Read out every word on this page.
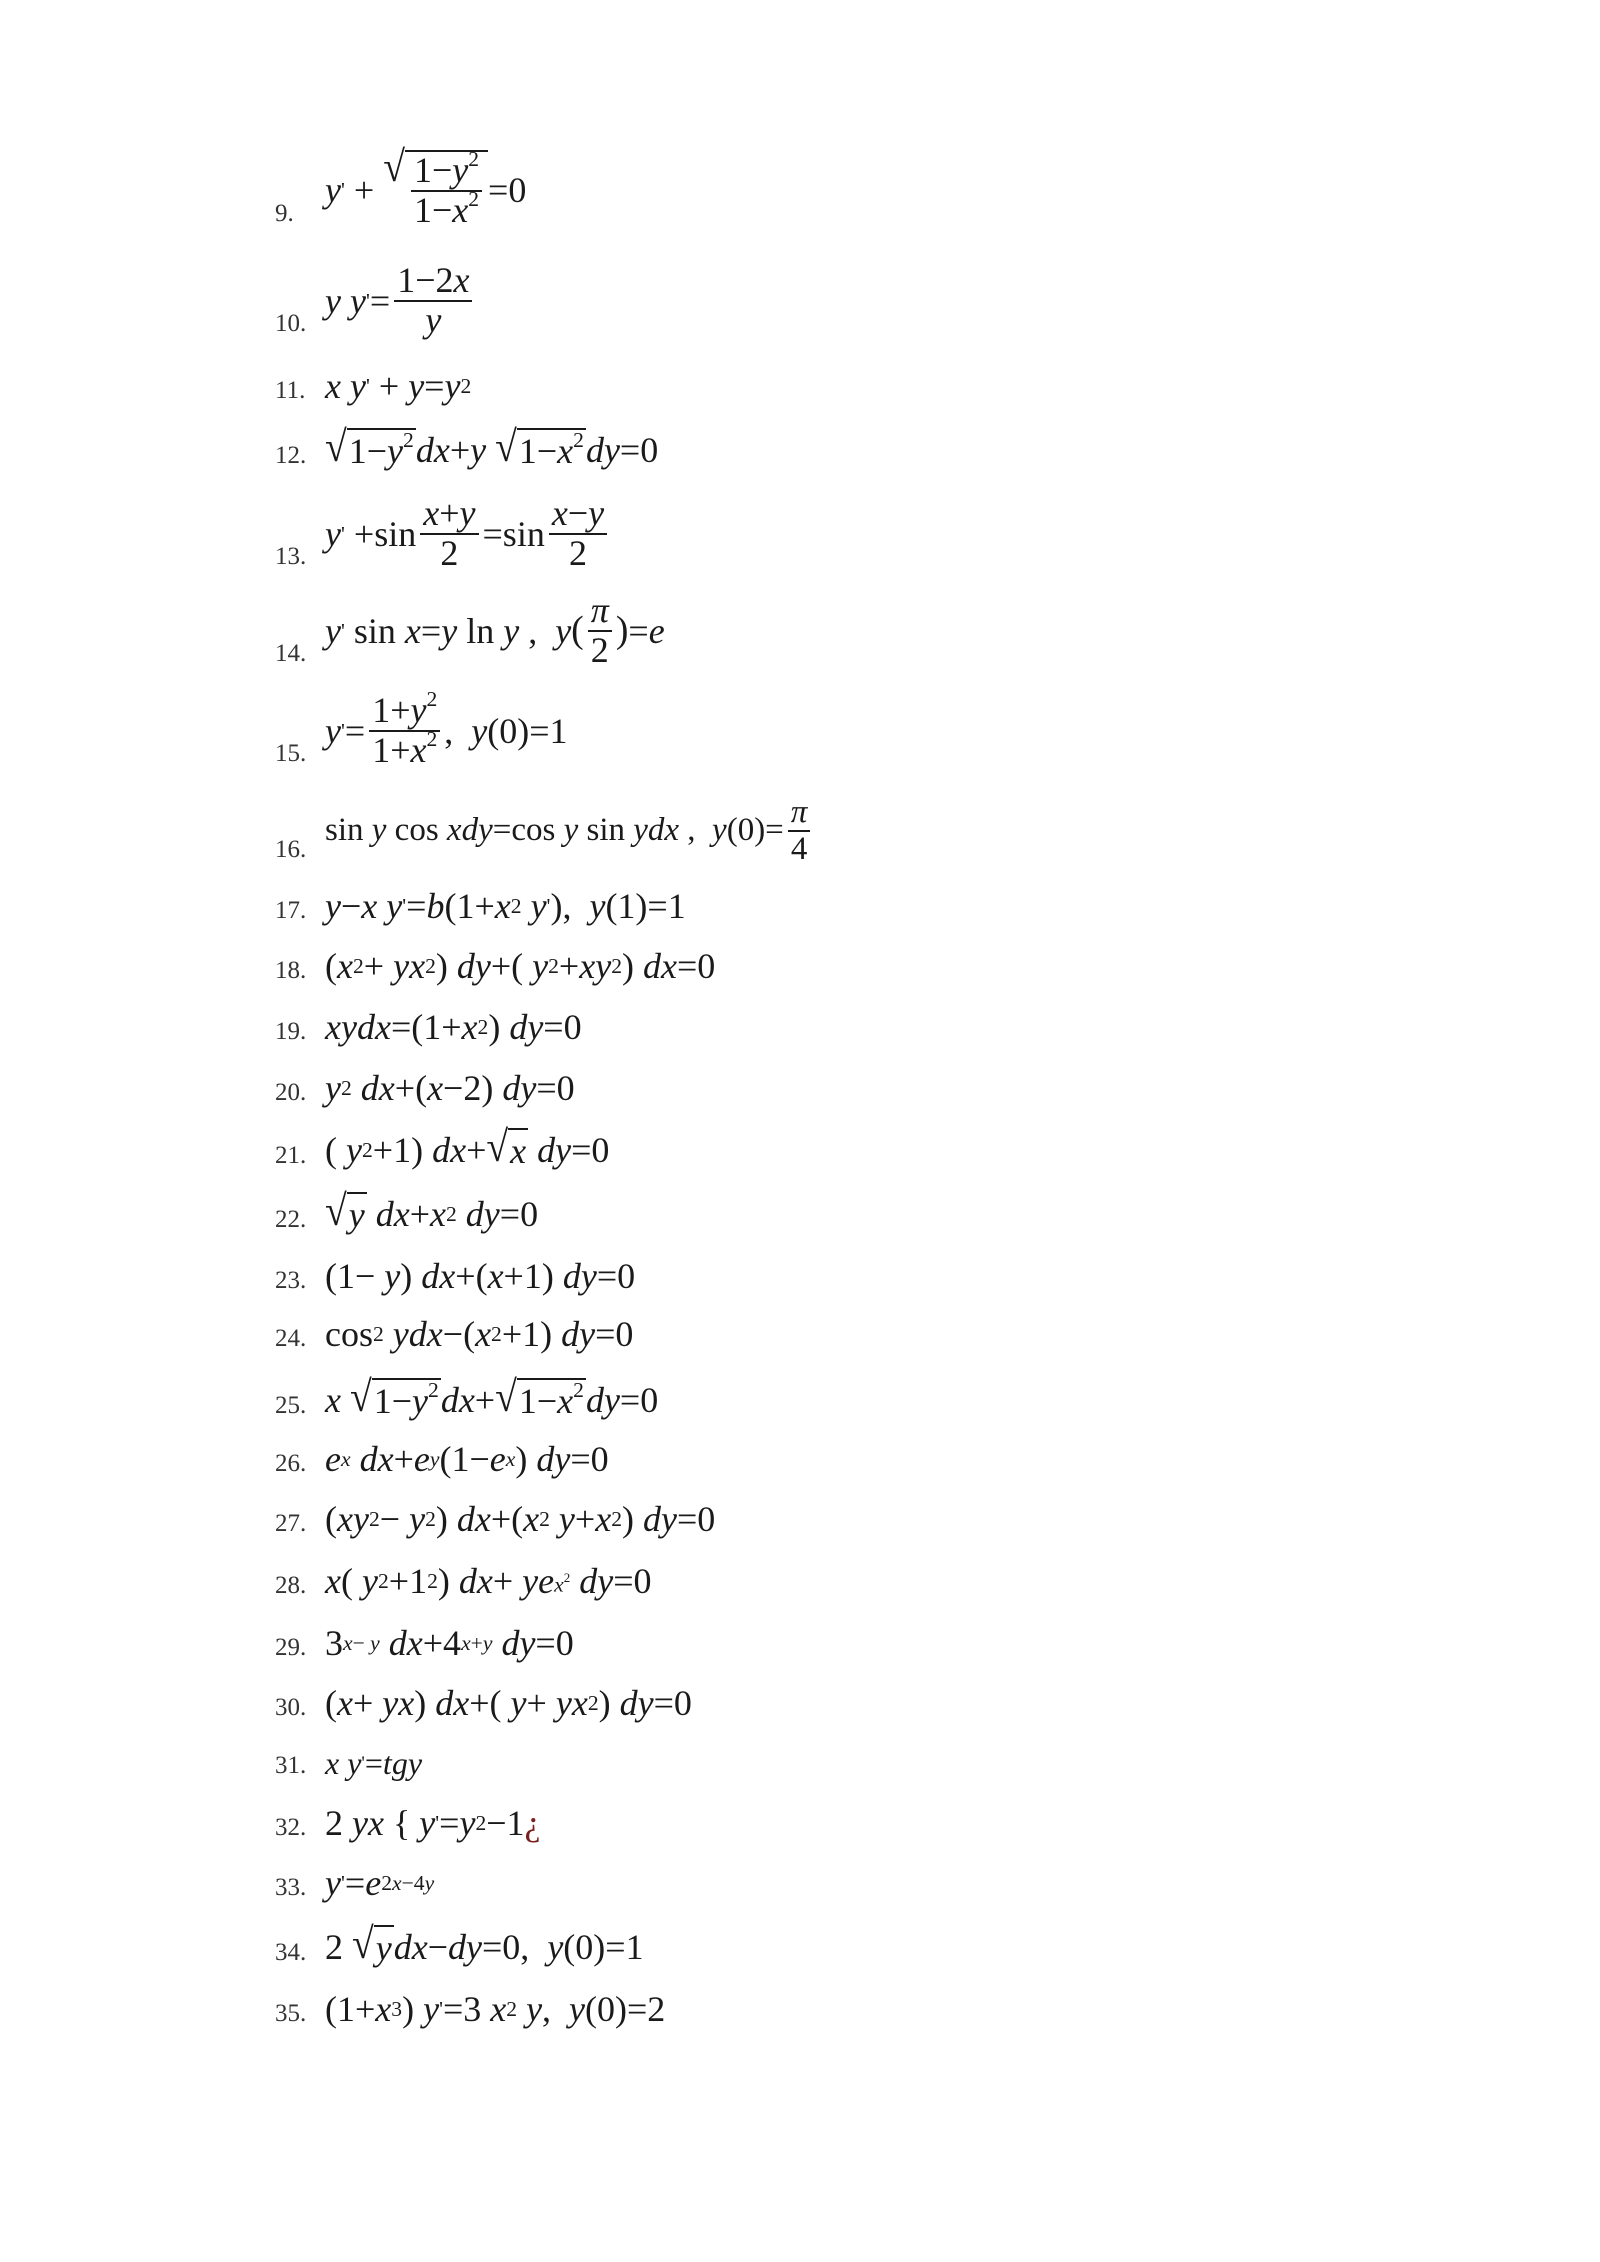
9.
y ' + √ $\frac{1-y^2}{1-x^2} =0$
10.
y
y ' = $\frac{1-2x}{y}$
11. x
y ' + y = y 2
12. √ $1-y^2$ dx + y
√ $1-x^2$ dy =0
13.
y ' $+\sin \frac{x+y}{2} =\sin \frac{x-y}{2}$
14.
y ' sin x = y ln y , y ( $\frac{\pi}{2}$ ) = e
15.
y ' = $\frac{1+y^2}{1+x^2}$ , y (0)=1
16.
sin y cos xdy =cos y sin ydx , y $(0)= \frac{\pi}{4}$
17. y − x
y ' = b (1+ x 2
y ' ), y (1)=1
18. ( x 2 + yx 2 ) dy +( y 2 + xy 2 ) dx =0
19. xydx =(1+ x 2 ) dy =0
20. y 2
dx +( x −2) dy =0
21. ( y 2 +1) dx + √ x
dy =0
22. √ y
dx + x 2
dy =0
23. (1− y ) dx +( x +1) dy =0
24. cos 2
ydx −( x 2 +1) dy =0
25. x
√ $1-y^2$ dx + √ $1-x^2$ dy =0
26. e x
dx + e y (1− e x ) dy =0
27. ( xy 2 − y 2 ) dx +( x 2
y + x 2 ) dy =0
28. x ( y 2 +1 2 ) dx + ye $x^2$
dy =0
29. 3 x− y
dx +4 x+y
dy =0
30. ( x + yx ) dx +( y + yx 2 ) dy =0
31. x
y ' = tgy
32. 2 yx { y ' = y 2 −1 ¿
33. y ' = e 2x−4y
34. 2 √ y dx − dy =0, y (0)=1
35. (1+ x 3 ) y ' =3 x 2
y , y (0)=2
